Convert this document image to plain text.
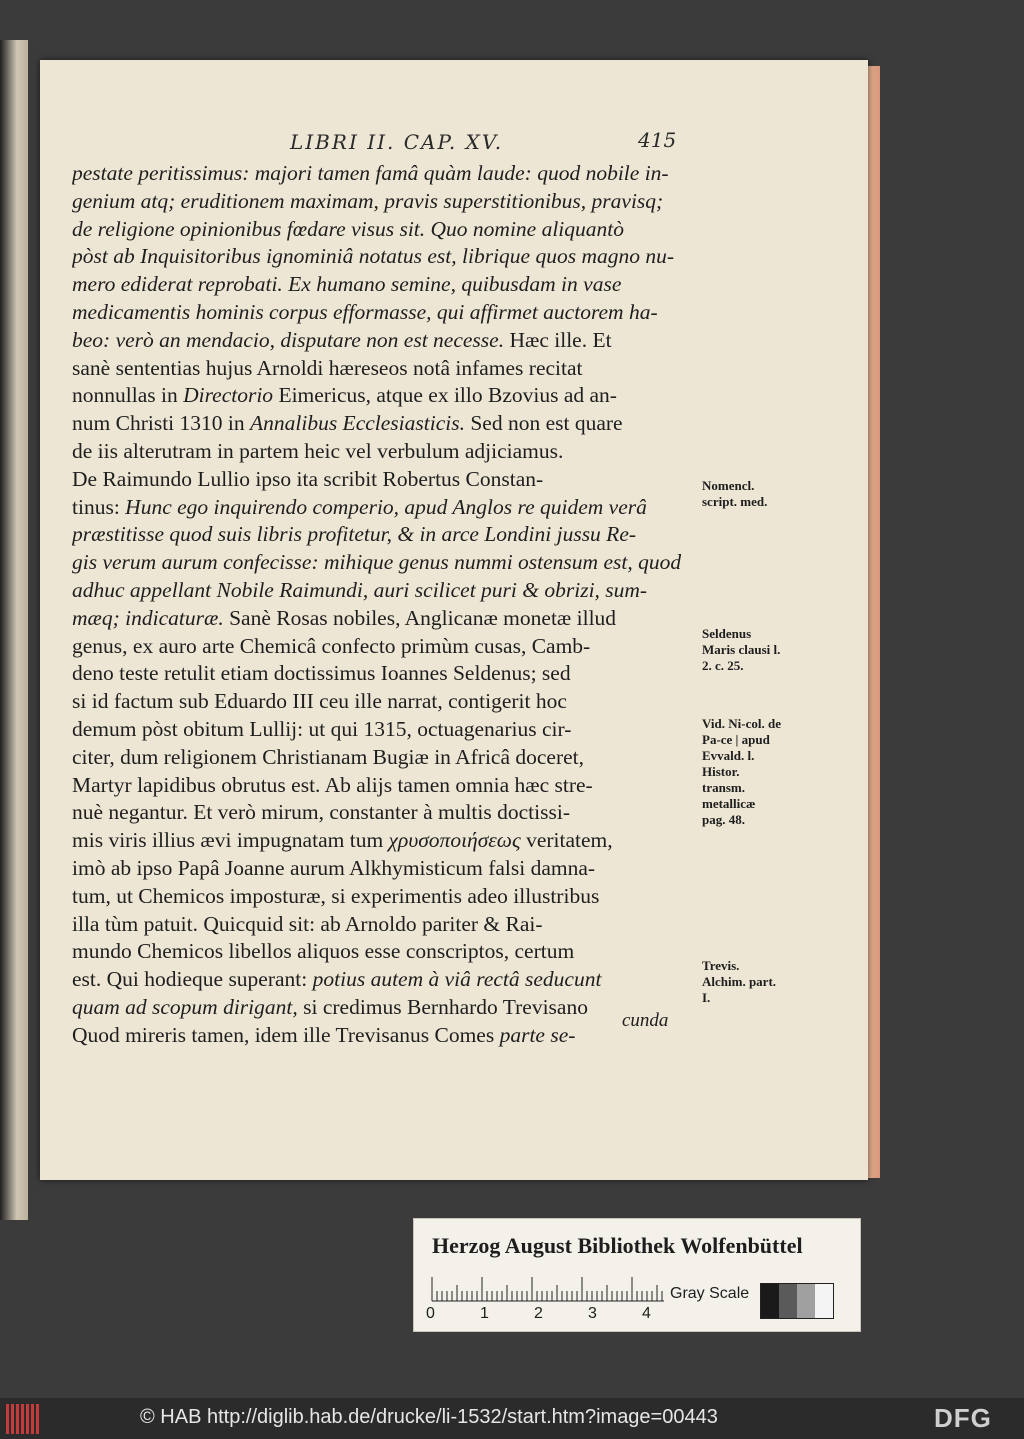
LIBRI II. CAP. XV.	415
pestate peritissimus: majori tamen famâ quàm laude: quod nobile in-
genium atq; eruditionem maximam, pravis superstitionibus, pravisq;
de religione opinionibus fœdare visus sit. Quo nomine aliquantò
pòst ab Inquisitoribus ignominiâ notatus est, librique quos magno nu-
mero ediderat reprobati. Ex humano semine, quibusdam in vase
medicamentis hominis corpus efformasse, qui affirmet auctorem ha-
beo: verò an mendacio, disputare non est necesse. Hæc ille. Et
sanè sententias hujus Arnoldi hæreseos notâ infames recitat
nonnullas in Directorio Eimericus, atque ex illo Bzovius ad an-
num Christi 1310 in Annalibus Ecclesiasticis. Sed non est quare
de iis alterutram in partem heic vel verbulum adjiciamus.
De Raimundo Lullio ipso ita scribit Robertus Constan-
tinus: Hunc ego inquirendo comperio, apud Anglos re quidem verâ
præstitisse quod suis libris profitetur, & in arce Londini jussu Re-
gis verum aurum confecisse: mihique genus nummi ostensum est, quod
adhuc appellant Nobile Raimundi, auri scilicet puri & obrizi, sum-
mæq; indicaturæ. Sanè Rosas nobiles, Anglicanæ monetæ illud
genus, ex auro arte Chemicâ confecto primùm cusas, Camb-
deno teste retulit etiam doctissimus Ioannes Seldenus; sed
si id factum sub Eduardo III ceu ille narrat, contigerit hoc
demum pòst obitum Lullij: ut qui 1315, octuagenarius cir-
citer, dum religionem Christianam Bugiæ in Africâ doceret,
Martyr lapidibus obrutus est. Ab alijs tamen omnia hæc stre-
nuè negantur. Et verò mirum, constanter à multis doctissi-
mis viris illius ævi impugnatam tum χρυσοποιήσεως veritatem,
imò ab ipso Papâ Joanne aurum Alkhymisticum falsi damna-
tum, ut Chemicos imposturæ, si experimentis adeo illustribus
illa tùm patuit. Quicquid sit: ab Arnoldo pariter & Rai-
mundo Chemicos libellos aliquos esse conscriptos, certum
est. Qui hodieque superant: potius autem à viâ rectâ seducunt
quam ad scopum dirigant, si credimus Bernhardo Trevisano
Quod mireris tamen, idem ille Trevisanus Comes parte se-
Nomencl. script. med.
Seldenus Maris clausi l. 2. c. 25.
Vid. Ni-col. de Pa-ce | apud Evvald. l. Histor. transm. metallicæ pag. 48.
Trevis. Alchim. part. I.
cunda
Herzog August Bibliothek Wolfenbüttel
0	1	2	3	4
Gray Scale
© HAB http://diglib.hab.de/drucke/li-1532/start.htm?image=00443	DFG
